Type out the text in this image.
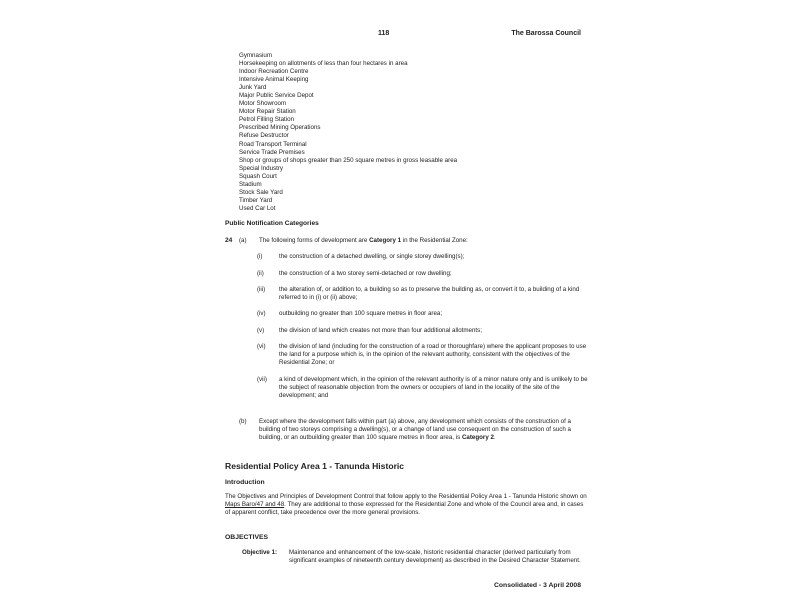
118	The Barossa Council
Gymnasium
Horsekeeping on allotments of less than four hectares in area
Indoor Recreation Centre
Intensive Animal Keeping
Junk Yard
Major Public Service Depot
Motor Showroom
Motor Repair Station
Petrol Filling Station
Prescribed Mining Operations
Refuse Destructor
Road Transport Terminal
Service Trade Premises
Shop or groups of shops greater than 250 square metres in gross leasable area
Special Industry
Squash Court
Stadium
Stock Sale Yard
Timber Yard
Used Car Lot
Public Notification Categories
24 (a) The following forms of development are Category 1 in the Residential Zone:
(i)	the construction of a detached dwelling, or single storey dwelling(s);
(ii)	the construction of a two storey semi-detached or row dwelling;
(iii)	the alteration of, or addition to, a building so as to preserve the building as, or convert it to, a building of a kind referred to in (i) or (ii) above;
(iv)	outbuilding no greater than 100 square metres in floor area;
(v)	the division of land which creates not more than four additional allotments;
(vi)	the division of land (including for the construction of a road or thoroughfare) where the applicant proposes to use the land for a purpose which is, in the opinion of the relevant authority, consistent with the objectives of the Residential Zone; or
(vii)	a kind of development which, in the opinion of the relevant authority is of a minor nature only and is unlikely to be the subject of reasonable objection from the owners or occupiers of land in the locality of the site of the development; and
(b) Except where the development falls within part (a) above, any development which consists of the construction of a building of two storeys comprising a dwelling(s), or a change of land use consequent on the construction of such a building, or an outbuilding greater than 100 square metres in floor area, is Category 2.
Residential Policy Area 1 - Tanunda Historic
Introduction
The Objectives and Principles of Development Control that follow apply to the Residential Policy Area 1 - Tanunda Historic shown on Maps Baro/47 and 48. They are additional to those expressed for the Residential Zone and whole of the Council area and, in cases of apparent conflict, take precedence over the more general provisions.
OBJECTIVES
Objective 1: Maintenance and enhancement of the low-scale, historic residential character (derived particularly from significant examples of nineteenth century development) as described in the Desired Character Statement.
Consolidated - 3 April 2008
